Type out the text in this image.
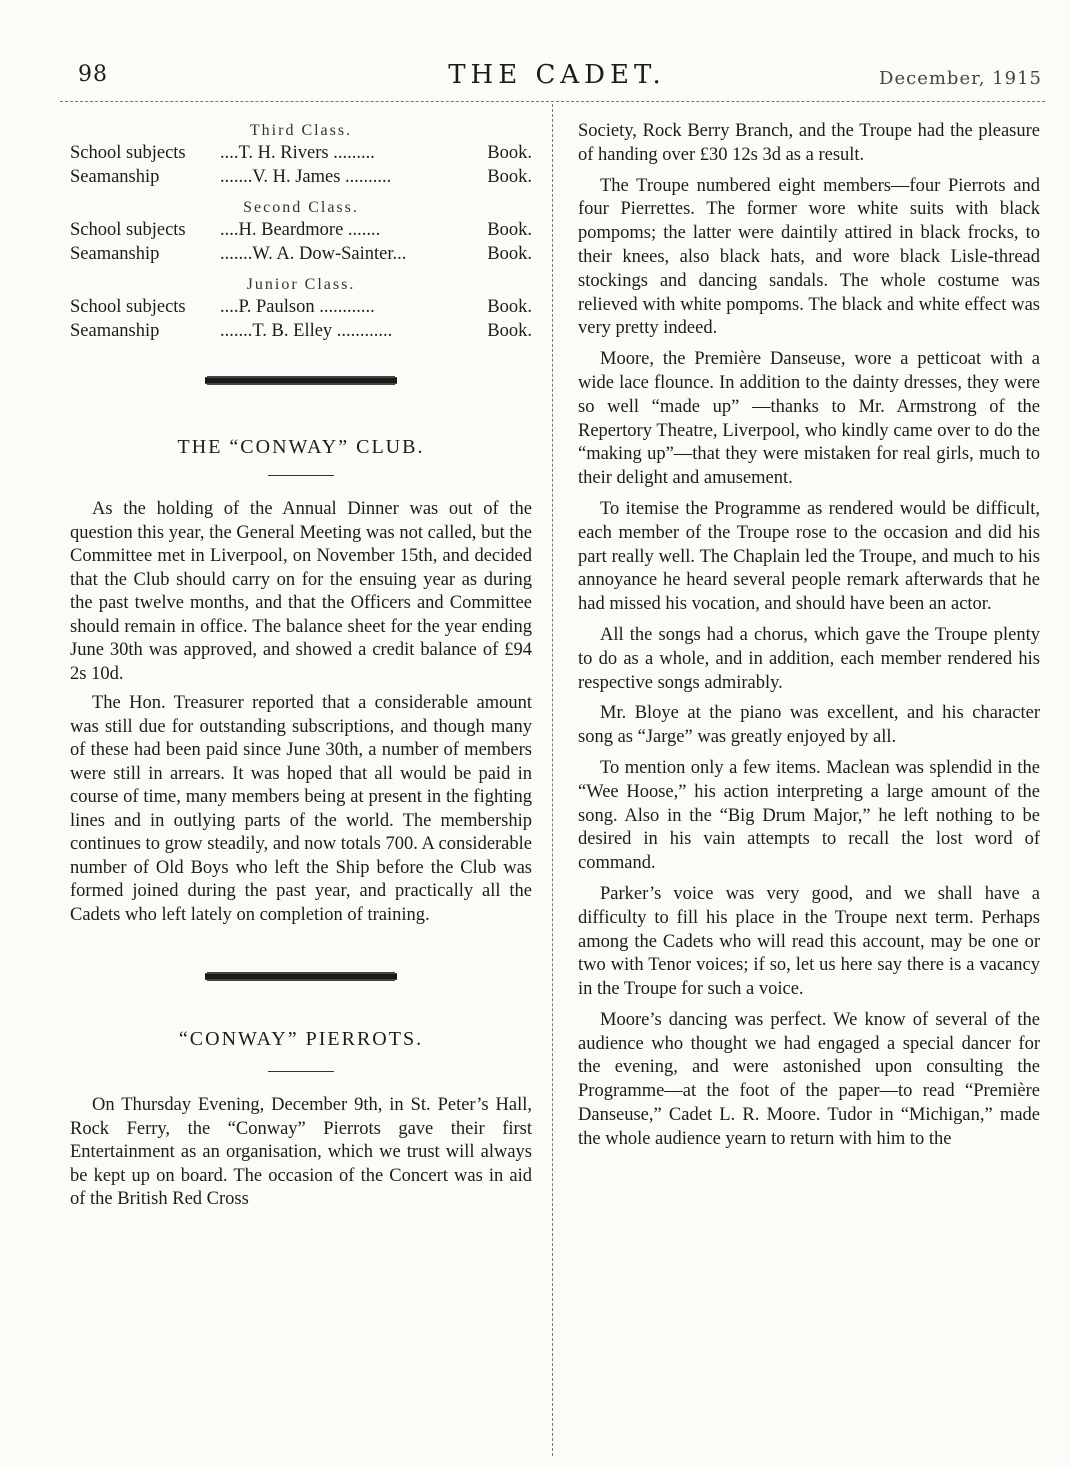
98	THE CADET.	December, 1915
Third Class.
School subjects	....T. H. Rivers .........	Book.
Seamanship	.......V. H. James ..........	Book.
Second Class.
School subjects	....H. Beardmore .......	Book.
Seamanship	.......W. A. Dow-Sainter...	Book.
Junior Class.
School subjects	....P. Paulson ............	Book.
Seamanship	.......T. B. Elley ............	Book.
THE “CONWAY” CLUB.

As the holding of the Annual Dinner was out of the question this year, the General Meeting was not called, but the Committee met in Liverpool, on November 15th, and decided that the Club should carry on for the ensuing year as during the past twelve months, and that the Officers and Committee should remain in office. The balance sheet for the year ending June 30th was approved, and showed a credit balance of £94 2s 10d.

The Hon. Treasurer reported that a considerable amount was still due for outstanding subscriptions, and though many of these had been paid since June 30th, a number of members were still in arrears. It was hoped that all would be paid in course of time, many members being at present in the fighting lines and in outlying parts of the world. The membership continues to grow steadily, and now totals 700. A considerable number of Old Boys who left the Ship before the Club was formed joined during the past year, and practically all the Cadets who left lately on completion of training.

“CONWAY” PIERROTS.

On Thursday Evening, December 9th, in St. Peter’s Hall, Rock Ferry, the “Conway” Pierrots gave their first Entertainment as an organisation, which we trust will always be kept up on board. The occasion of the Concert was in aid of the British Red Cross

Society, Rock Berry Branch, and the Troupe had the pleasure of handing over £30 12s 3d as a result.

The Troupe numbered eight members—four Pierrots and four Pierrettes. The former wore white suits with black pompoms; the latter were daintily attired in black frocks, to their knees, also black hats, and wore black Lisle-thread stockings and dancing sandals. The whole costume was relieved with white pompoms. The black and white effect was very pretty indeed.

Moore, the Première Danseuse, wore a petticoat with a wide lace flounce. In addition to the dainty dresses, they were so well “made up” —thanks to Mr. Armstrong of the Repertory Theatre, Liverpool, who kindly came over to do the “making up”—that they were mistaken for real girls, much to their delight and amusement.

To itemise the Programme as rendered would be difficult, each member of the Troupe rose to the occasion and did his part really well. The Chaplain led the Troupe, and much to his annoyance he heard several people remark afterwards that he had missed his vocation, and should have been an actor.

All the songs had a chorus, which gave the Troupe plenty to do as a whole, and in addition, each member rendered his respective songs admirably.

Mr. Bloye at the piano was excellent, and his character song as “Jarge” was greatly enjoyed by all.

To mention only a few items. Maclean was splendid in the “Wee Hoose,” his action interpreting a large amount of the song. Also in the “Big Drum Major,” he left nothing to be desired in his vain attempts to recall the lost word of command.

Parker’s voice was very good, and we shall have a difficulty to fill his place in the Troupe next term. Perhaps among the Cadets who will read this account, may be one or two with Tenor voices; if so, let us here say there is a vacancy in the Troupe for such a voice.

Moore’s dancing was perfect. We know of several of the audience who thought we had engaged a special dancer for the evening, and were astonished upon consulting the Programme—at the foot of the paper—to read “Première Danseuse,” Cadet L. R. Moore. Tudor in “Michigan,” made the whole audience yearn to return with him to the
